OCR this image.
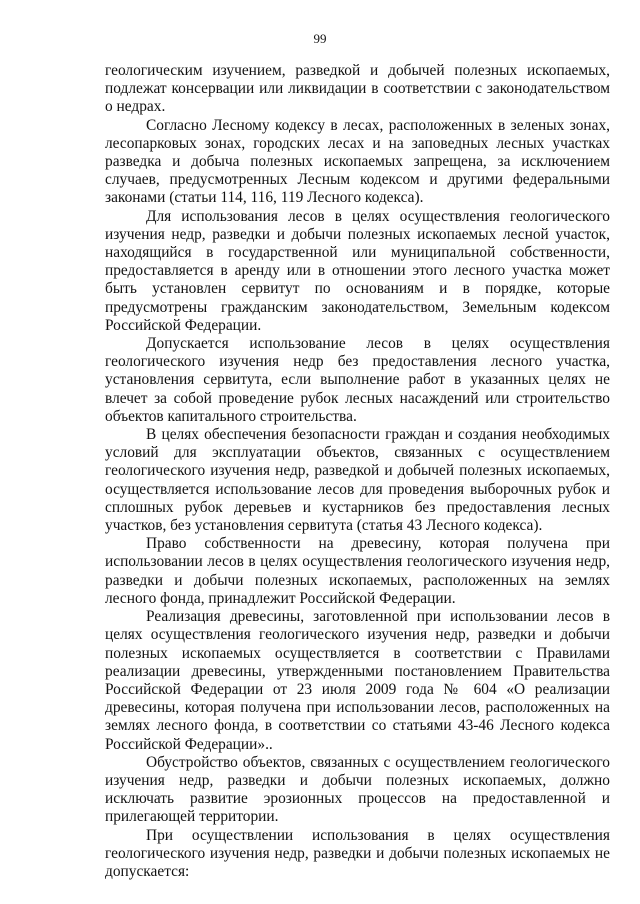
99

геологическим изучением, разведкой и добычей полезных ископаемых, подлежат консервации или ликвидации в соответствии с законодательством о недрах.

Согласно Лесному кодексу в лесах, расположенных в зеленых зонах, лесопарковых зонах, городских лесах и на заповедных лесных участках разведка и добыча полезных ископаемых запрещена, за исключением случаев, предусмотренных Лесным кодексом и другими федеральными законами (статьи 114, 116, 119 Лесного кодекса).

Для использования лесов в целях осуществления геологического изучения недр, разведки и добычи полезных ископаемых лесной участок, находящийся в государственной или муниципальной собственности, предоставляется в аренду или в отношении этого лесного участка может быть установлен сервитут по основаниям и в порядке, которые предусмотрены гражданским законодательством, Земельным кодексом Российской Федерации.

Допускается использование лесов в целях осуществления геологического изучения недр без предоставления лесного участка, установления сервитута, если выполнение работ в указанных целях не влечет за собой проведение рубок лесных насаждений или строительство объектов капитального строительства.

В целях обеспечения безопасности граждан и создания необходимых условий для эксплуатации объектов, связанных с осуществлением геологического изучения недр, разведкой и добычей полезных ископаемых, осуществляется использование лесов для проведения выборочных рубок и сплошных рубок деревьев и кустарников без предоставления лесных участков, без установления сервитута (статья 43 Лесного кодекса).

Право собственности на древесину, которая получена при использовании лесов в целях осуществления геологического изучения недр, разведки и добычи полезных ископаемых, расположенных на землях лесного фонда, принадлежит Российской Федерации.

Реализация древесины, заготовленной при использовании лесов в целях осуществления геологического изучения недр, разведки и добычи полезных ископаемых осуществляется в соответствии с Правилами реализации древесины, утвержденными постановлением Правительства Российской Федерации от 23 июля 2009 года № 604 «О реализации древесины, которая получена при использовании лесов, расположенных на землях лесного фонда, в соответствии со статьями 43-46 Лесного кодекса Российской Федерации»..

Обустройство объектов, связанных с осуществлением геологического изучения недр, разведки и добычи полезных ископаемых, должно исключать развитие эрозионных процессов на предоставленной и прилегающей территории.

При осуществлении использования в целях осуществления геологического изучения недр, разведки и добычи полезных ископаемых не допускается:
